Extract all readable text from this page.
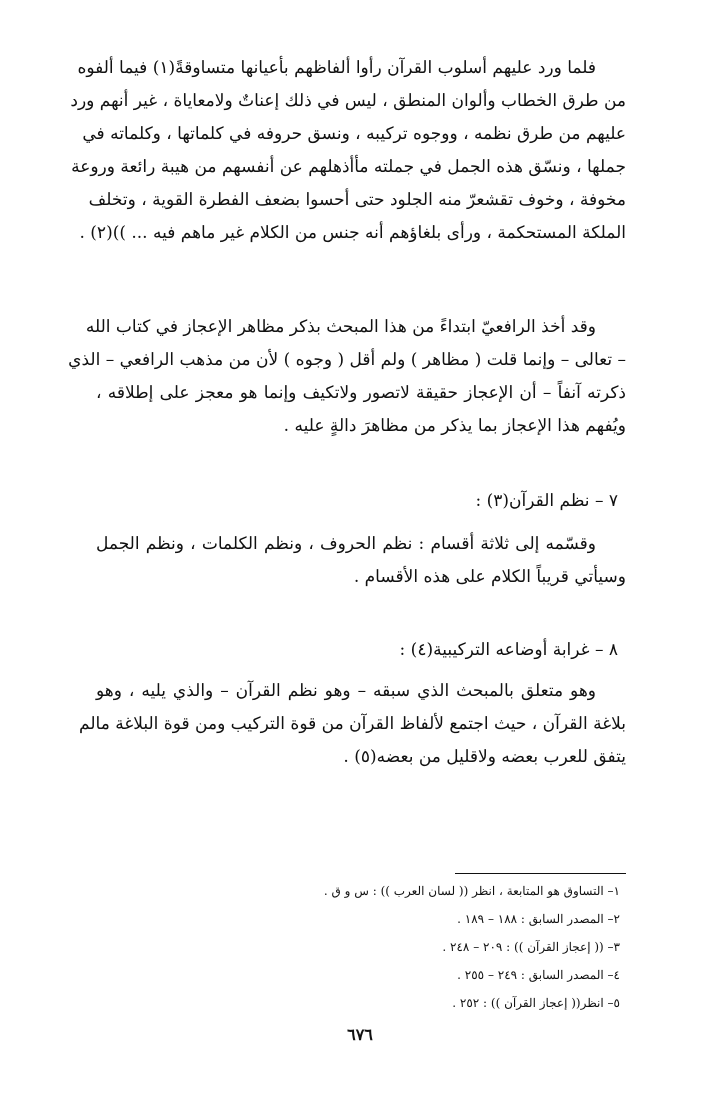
فلما ورد عليهم أسلوب القرآن رأوا ألفاظهم بأعيانها متساوقةً(١) فيما ألفوه
من طرق الخطاب وألوان المنطق ، ليس في ذلك إعناتٌ ولامعاياة ، غير أنهم ورد
عليهم من طرق نظمه ، ووجوه تركيبه ، ونسق حروفه في كلماتها ، وكلماته في
جملها ، ونسّق هذه الجمل في جملته مأأذهلهم عن أنفسهم من هيبة رائعة وروعة
مخوفة ، وخوف تقشعرّ منه الجلود حتى أحسوا بضعف الفطرة القوية ، وتخلف
الملكة المستحكمة ، ورأى بلغاؤهم أنه جنس من الكلام غير ماهم فيه ... ))(٢) .
وقد أخذ الرافعيّ ابتداءً من هذا المبحث بذكر مظاهر الإعجاز في كتاب الله
– تعالى – وإنما قلت ( مظاهر ) ولم أقل ( وجوه ) لأن من مذهب الرافعي – الذي
ذكرته آنفاً – أن الإعجاز حقيقة لاتصور ولاتكيف وإنما هو معجز على إطلاقه ،
ويُفهم هذا الإعجاز بما يذكر من مظاهرَ دالةٍ عليه .
٧ – نظم القرآن(٣) :
وقسّمه إلى ثلاثة أقسام : نظم الحروف ، ونظم الكلمات ، ونظم الجمل
وسيأتي قريباً الكلام على هذه الأقسام .
٨ – غرابة أوضاعه التركيبية(٤) :
وهو متعلق بالمبحث الذي سبقه – وهو نظم القرآن – والذي يليه ، وهو
بلاغة القرآن ، حيث اجتمع لألفاظ القرآن من قوة التركيب ومن قوة البلاغة مالم
يتفق للعرب بعضه ولاقليل من بعضه(٥) .
١– التساوق هو المتابعة ، انظر (( لسان العرب )) : س و ق .
٢– المصدر السابق : ١٨٨ – ١٨٩ .
٣– (( إعجاز القرآن )) : ٢٠٩ – ٢٤٨ .
٤– المصدر السابق : ٢٤٩ – ٢٥٥ .
٥– انظر(( إعجاز القرآن )) : ٢٥٢ .
٦٧٦
